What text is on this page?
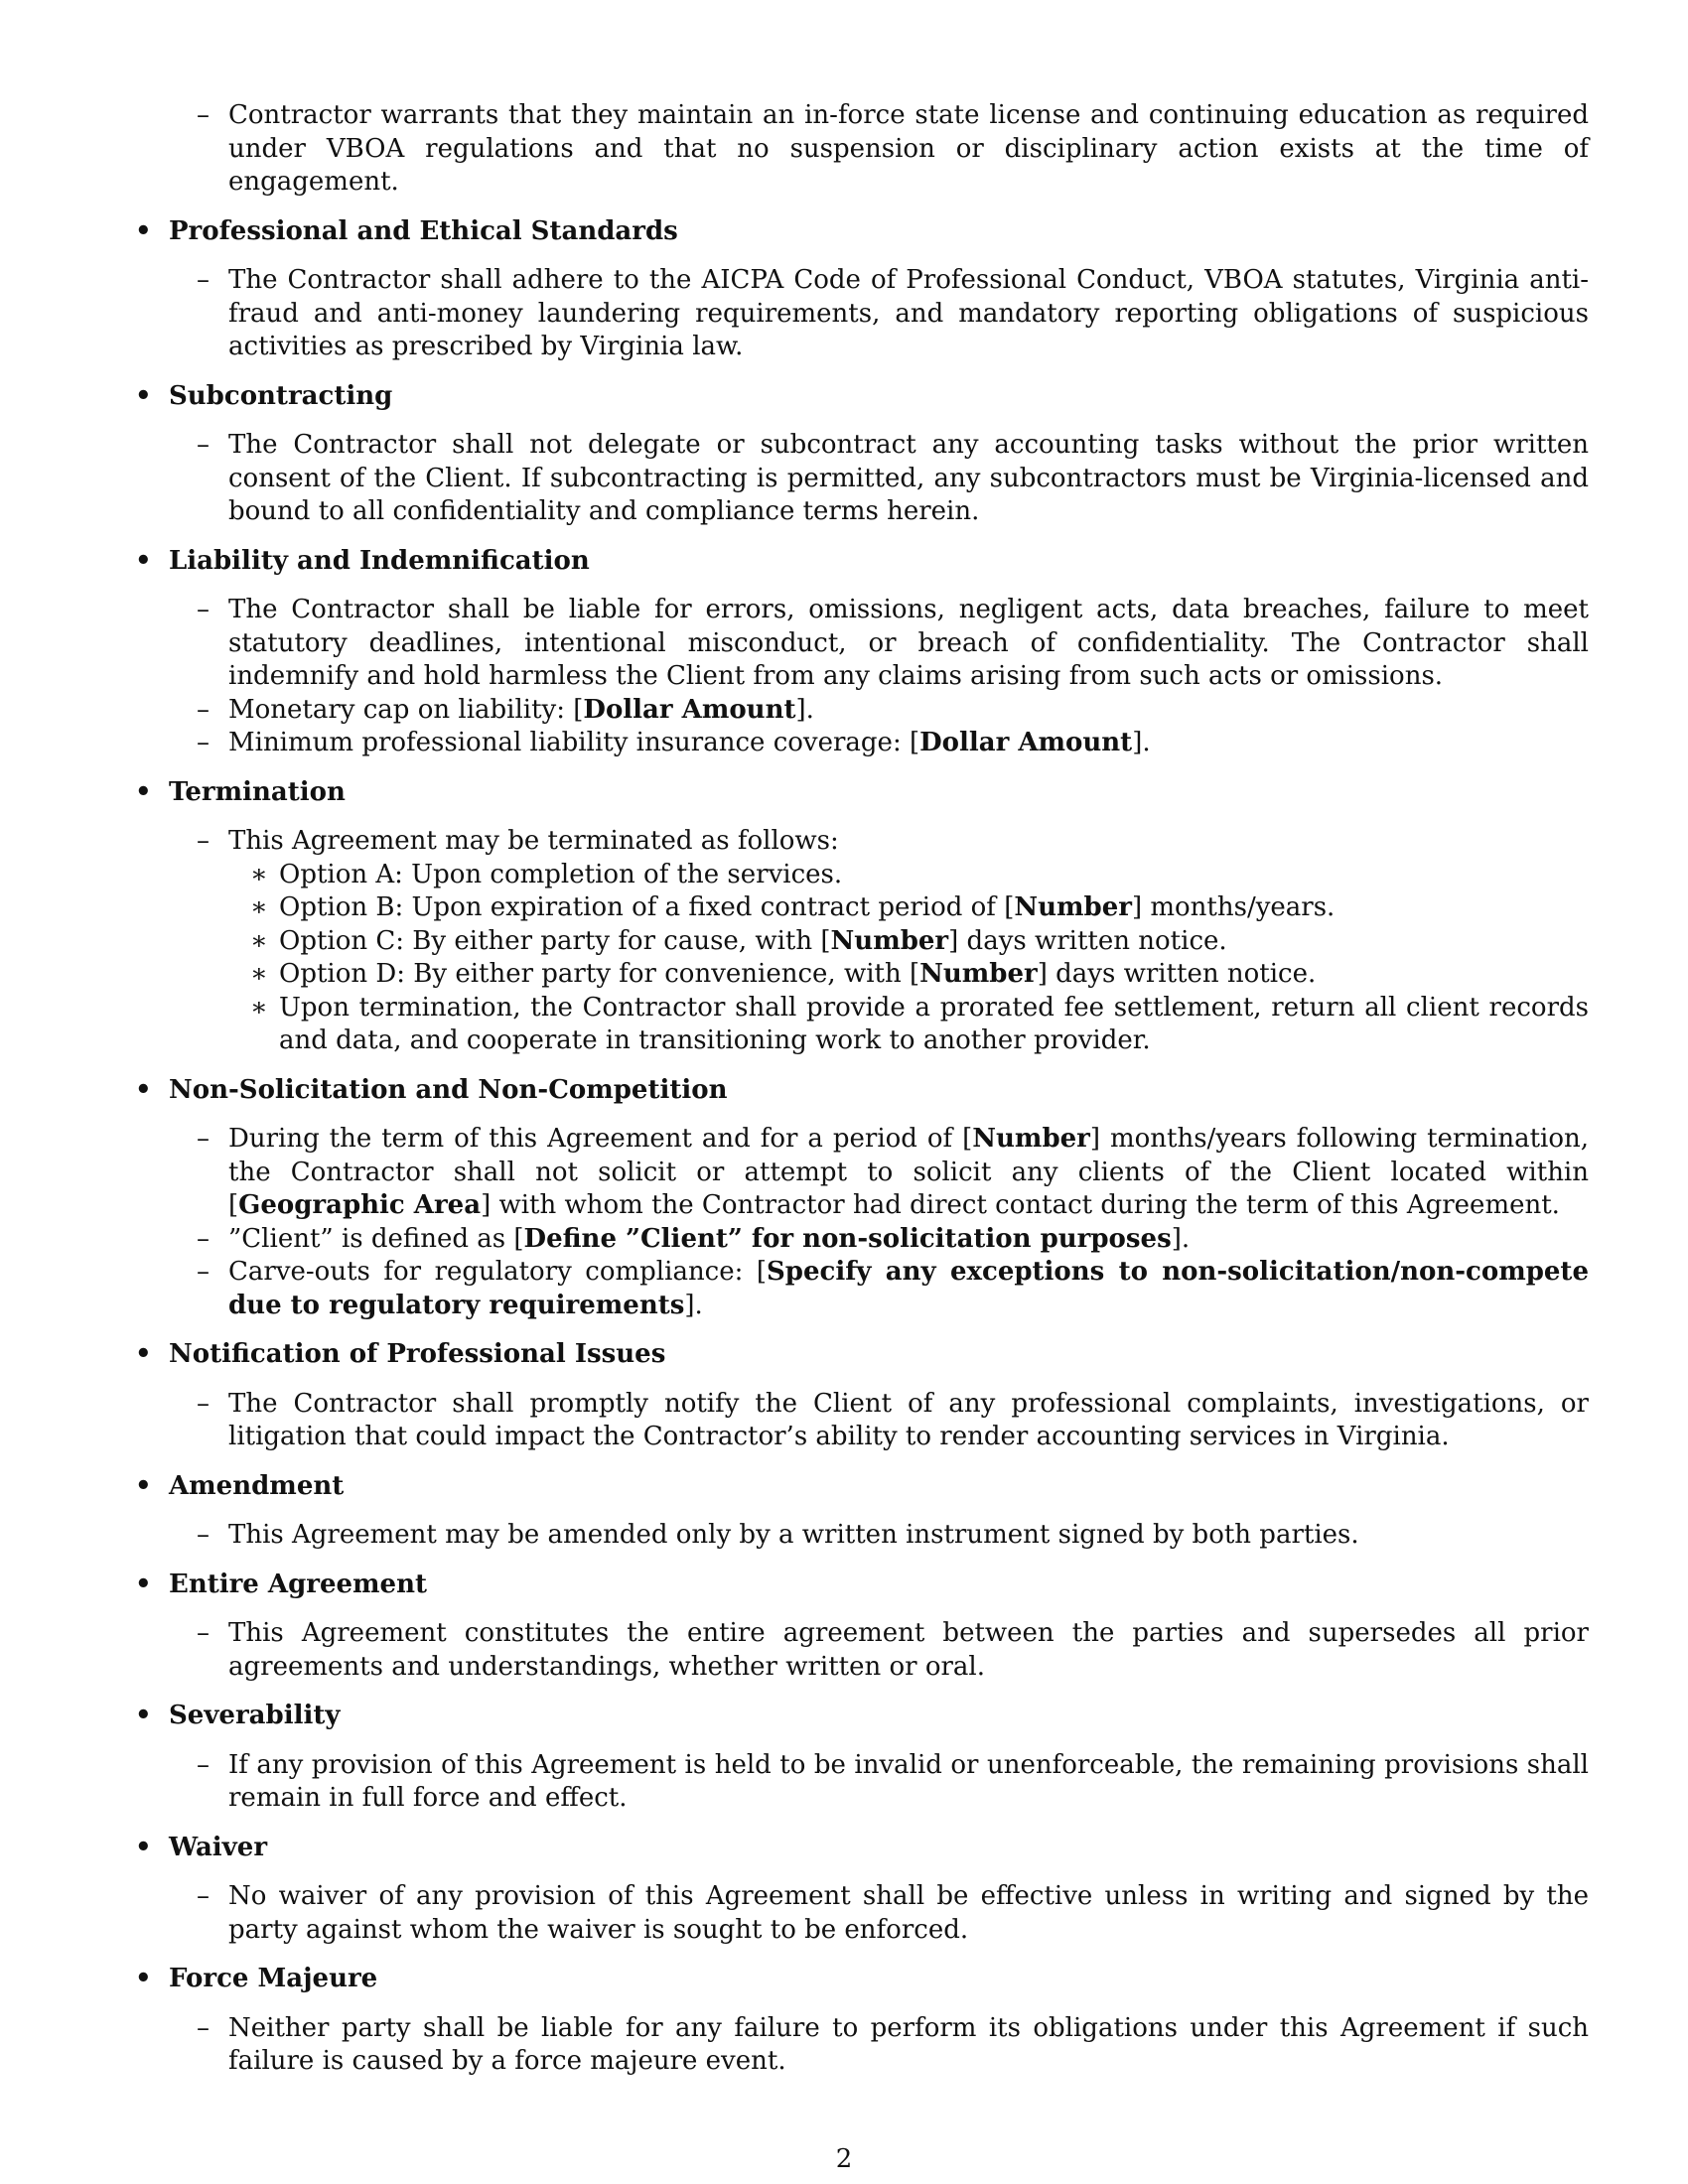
– Contractor warrants that they maintain an in-force state license and continuing education as required under VBOA regulations and that no suspension or disciplinary action exists at the time of engagement.
• Professional and Ethical Standards
– The Contractor shall adhere to the AICPA Code of Professional Conduct, VBOA statutes, Virginia anti-fraud and anti-money laundering requirements, and mandatory reporting obligations of suspicious activities as prescribed by Virginia law.
• Subcontracting
– The Contractor shall not delegate or subcontract any accounting tasks without the prior written consent of the Client. If subcontracting is permitted, any subcontractors must be Virginia-licensed and bound to all confidentiality and compliance terms herein.
• Liability and Indemnification
– The Contractor shall be liable for errors, omissions, negligent acts, data breaches, failure to meet statutory deadlines, intentional misconduct, or breach of confidentiality. The Contractor shall indemnify and hold harmless the Client from any claims arising from such acts or omissions.
– Monetary cap on liability: [Dollar Amount].
– Minimum professional liability insurance coverage: [Dollar Amount].
• Termination
– This Agreement may be terminated as follows:
∗ Option A: Upon completion of the services.
∗ Option B: Upon expiration of a fixed contract period of [Number] months/years.
∗ Option C: By either party for cause, with [Number] days written notice.
∗ Option D: By either party for convenience, with [Number] days written notice.
∗ Upon termination, the Contractor shall provide a prorated fee settlement, return all client records and data, and cooperate in transitioning work to another provider.
• Non-Solicitation and Non-Competition
– During the term of this Agreement and for a period of [Number] months/years following termination, the Contractor shall not solicit or attempt to solicit any clients of the Client located within [Geographic Area] with whom the Contractor had direct contact during the term of this Agreement.
– ”Client” is defined as [Define ”Client” for non-solicitation purposes].
– Carve-outs for regulatory compliance: [Specify any exceptions to non-solicitation/non-compete due to regulatory requirements].
• Notification of Professional Issues
– The Contractor shall promptly notify the Client of any professional complaints, investigations, or litigation that could impact the Contractor’s ability to render accounting services in Virginia.
• Amendment
– This Agreement may be amended only by a written instrument signed by both parties.
• Entire Agreement
– This Agreement constitutes the entire agreement between the parties and supersedes all prior agreements and understandings, whether written or oral.
• Severability
– If any provision of this Agreement is held to be invalid or unenforceable, the remaining provisions shall remain in full force and effect.
• Waiver
– No waiver of any provision of this Agreement shall be effective unless in writing and signed by the party against whom the waiver is sought to be enforced.
• Force Majeure
– Neither party shall be liable for any failure to perform its obligations under this Agreement if such failure is caused by a force majeure event.
2
